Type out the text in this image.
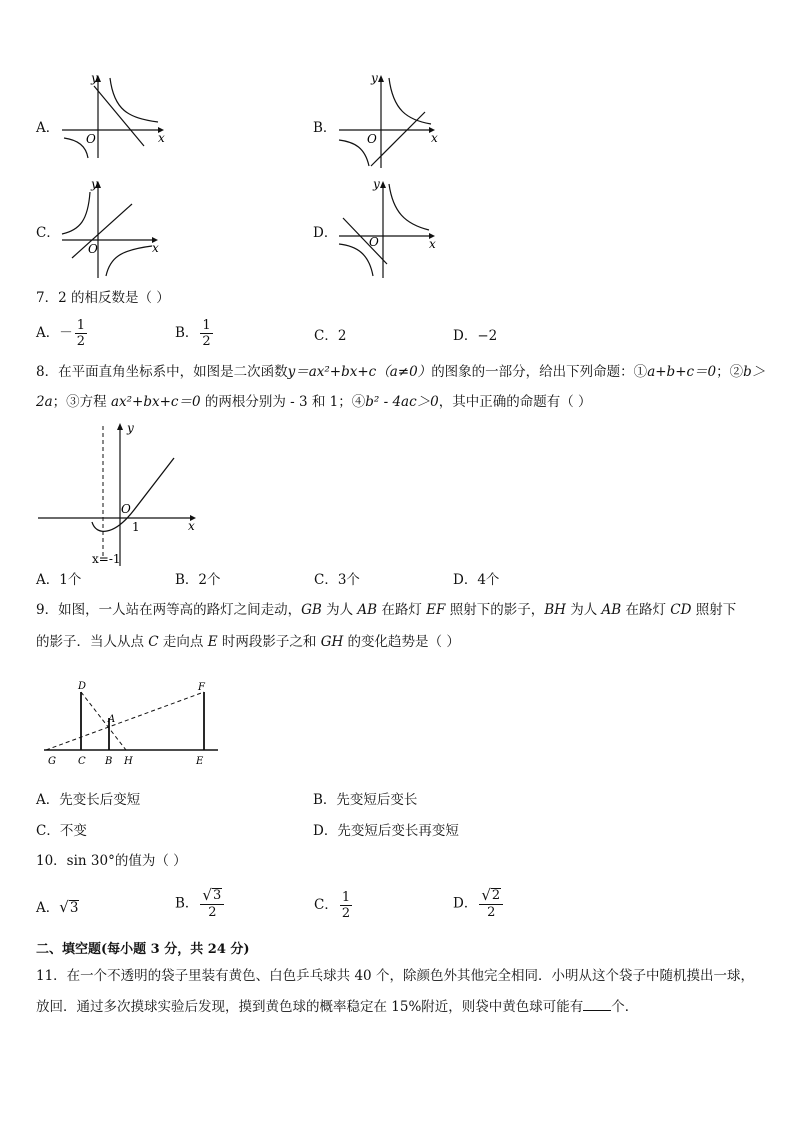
A．
y
x
O
B．
y
x
O
C．
y
x
O
D．
y
x
O
7．2 的相反数是（ ）
A．－ $\frac{1}{2}$	B． $\frac{1}{2}$	C．2	D．−2
8．在平面直角坐标系中，如图是二次函数y＝ax²+bx+c（a≠0）的图象的一部分，给出下列命题：①a+b+c＝0；②b＞
2a；③方程 ax²+bx+c＝0 的两根分别为 - 3 和 1；④b² - 4ac＞0，其中正确的命题有（ ）
y
x
O
1
x=-1
A．1个	B．2个	C．3个	D．4个
9．如图，一人站在两等高的路灯之间走动，GB 为人 AB 在路灯 EF 照射下的影子，BH 为人 AB 在路灯 CD 照射下
的影子．当人从点 C 走向点 E 时两段影子之和 GH 的变化趋势是（ ）
D	F
A
G C B H	E
A．先变长后变短	B．先变短后变长
C．不变	D．先变短后变长再变短
10．sin 30°的值为（ ）
A． √ 3	B． $\frac{√ 3}{2}$	C． $\frac{1}{2}$	D． $\frac{√ 2}{2}$
二、填空题(每小题 3 分，共 24 分)
11．在一个不透明的袋子里装有黄色、白色乒乓球共 40 个，除颜色外其他完全相同．小明从这个袋子中随机摸出一球，
放回．通过多次摸球实验后发现，摸到黄色球的概率稳定在 15%附近，则袋中黄色球可能有 个．
